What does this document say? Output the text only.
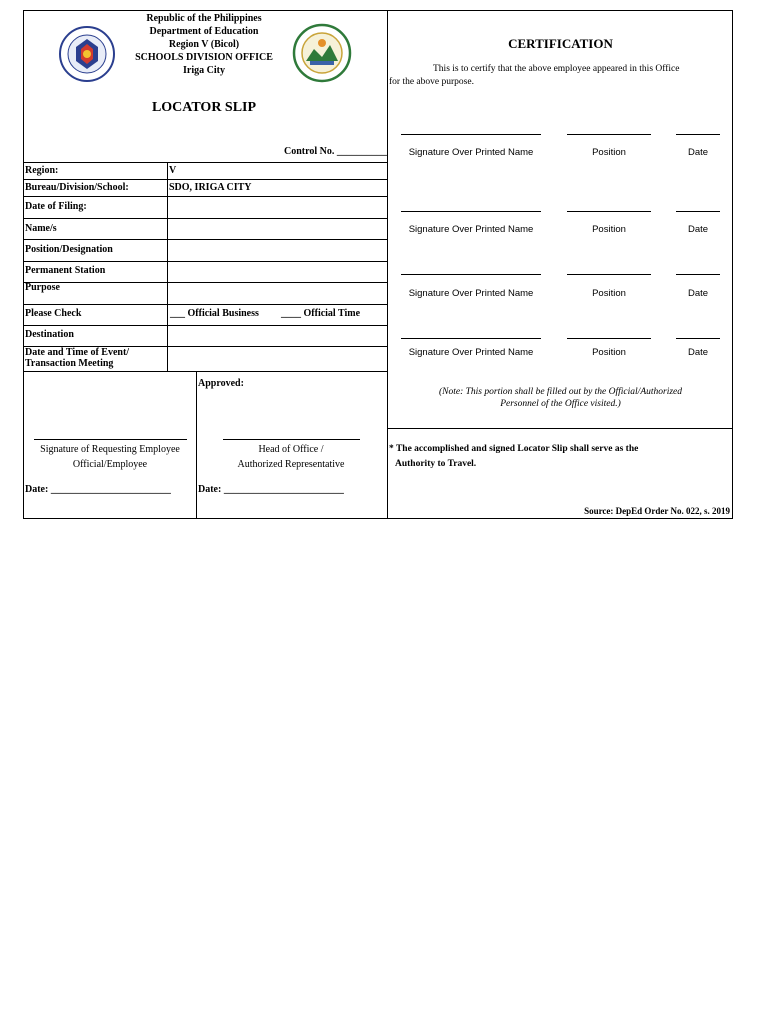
Republic of the Philippines
Department of Education
Region V (Bicol)
SCHOOLS DIVISION OFFICE
Iriga City
LOCATOR SLIP
Control No. __________
Region:	V
Bureau/Division/School:	SDO, IRIGA CITY
Date of Filing:
Name/s
Position/Designation
Permanent Station
Purpose
Please Check	___ Official Business ____ Official Time
Destination
Date and Time of Event/
Transaction Meeting
Approved:
Signature of Requesting Employee
Official/Employee
Head of Office /
Authorized Representative
Date: ________________________	Date: ________________________
CERTIFICATION
This is to certify that the above employee appeared in this Office
for the above purpose.
Signature Over Printed Name	Position	Date
Signature Over Printed Name	Position	Date
Signature Over Printed Name	Position	Date
Signature Over Printed Name	Position	Date
(Note: This portion shall be filled out by the Official/Authorized
Personnel of the Office visited.)
* The accomplished and signed Locator Slip shall serve as the
Authority to Travel.
Source: DepEd Order No. 022, s. 2019
